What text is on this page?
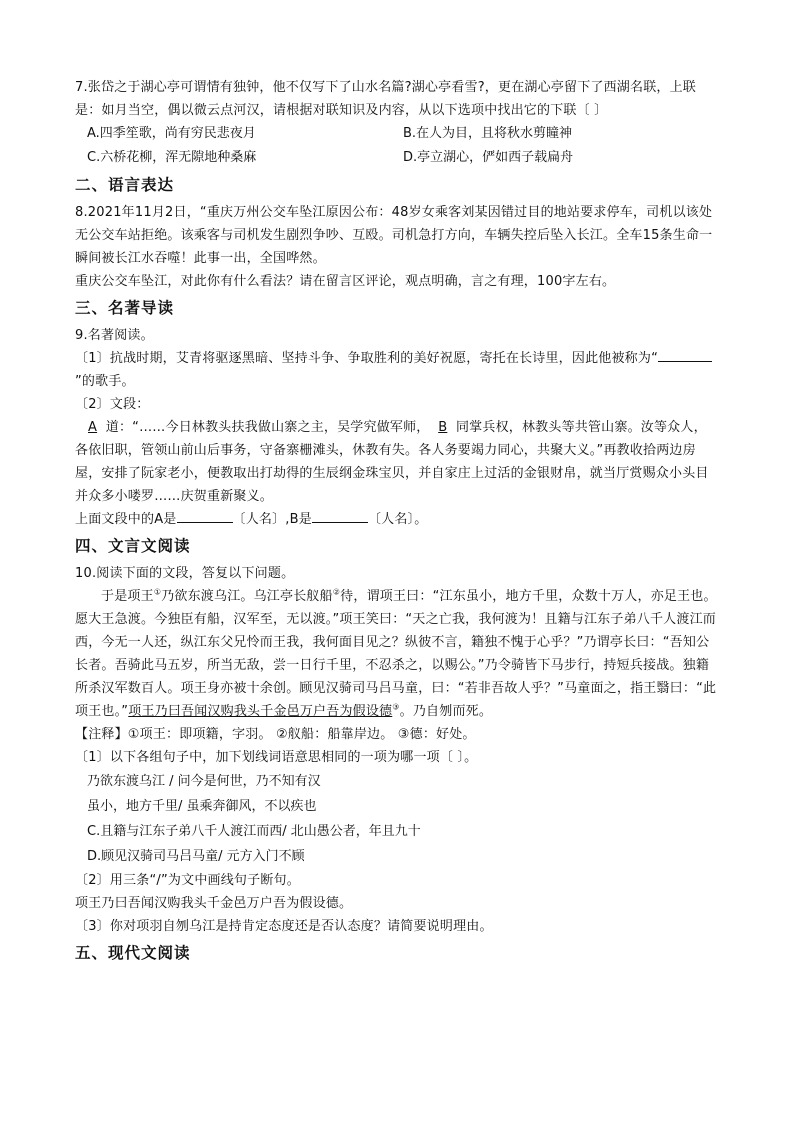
7.张岱之于湖心亭可谓情有独钟，他不仅写下了山水名篇?湖心亭看雪?，更在湖心亭留下了西湖名联，上联是：如月当空，偶以微云点河汉，请根据对联知识及内容，从以下选项中找出它的下联〔 〕

A.四季笙歌，尚有穷民悲夜月	B.在人为目，且将秋水剪瞳神
C.六桥花柳，浑无隙地种桑麻	D.亭立湖心，俨如西子载扁舟
二、语言表达

8.2021年11月2日，“重庆万州公交车坠江原因公布：48岁女乘客刘某因错过目的地站要求停车，司机以该处无公交车站拒绝。该乘客与司机发生剧烈争吵、互殴。司机急打方向，车辆失控后坠入长江。全车15条生命一瞬间被长江水吞噬！此事一出，全国哗然。

重庆公交车坠江，对此你有什么看法？请在留言区评论，观点明确，言之有理，100字左右。

三、名著导读

9.名著阅读。

〔1〕抗战时期，艾青将驱逐黑暗、坚持斗争、争取胜利的美好祝愿，寄托在长诗里，因此他被称为“
”的歌手。

〔2〕文段：

A 道：“……今日林教头扶我做山寨之主，吴学究做军师， B 同掌兵权，林教头等共管山寨。汝等众人，各依旧职，管领山前山后事务，守备寨栅滩头，休教有失。各人务要竭力同心，共聚大义。”再教收拾两边房屋，安排了阮家老小，便教取出打劫得的生辰纲金珠宝贝，并自家庄上过活的金银财帛，就当厅赏赐众小头目并众多小喽罗……庆贺重新聚义。

上面文段中的A是	〔人名〕,B是	〔人名〕。

四、文言文阅读

10.阅读下面的文段，答复以下问题。

于是项王①乃欲东渡乌江。乌江亭长舣船②待，谓项王曰：“江东虽小，地方千里，众数十万人，亦足王也。愿大王急渡。今独臣有船，汉军至，无以渡。”项王笑曰：“天之亡我，我何渡为！且籍与江东子弟八千人渡江而西，今无一人还，纵江东父兄怜而王我，我何面目见之？纵彼不言，籍独不愧于心乎？”乃谓亭长曰：“吾知公长者。吾骑此马五岁，所当无敌，尝一日行千里，不忍杀之，以赐公。”乃令骑皆下马步行，持短兵接战。独籍所杀汉军数百人。项王身亦被十余创。顾见汉骑司马吕马童，曰：“若非吾故人乎？”马童面之，指王翳曰：“此项王也。”项王乃曰吾闻汉购我头千金邑万户吾为假设德③。乃自刎而死。

【注释】①项王：即项籍，字羽。 ②舣船：船靠岸边。 ③德：好处。

〔1〕以下各组句子中，加下划线词语意思相同的一项为哪一项〔 〕。

乃欲东渡乌江 / 问今是何世，乃不知有汉
虽小，地方千里/ 虽乘奔御风，不以疾也
C.且籍与江东子弟八千人渡江而西/ 北山愚公者，年且九十
D.顾见汉骑司马吕马童/ 元方入门不顾

〔2〕用三条“/”为文中画线句子断句。

项王乃曰吾闻汉购我头千金邑万户吾为假设德。

〔3〕你对项羽自刎乌江是持肯定态度还是否认态度？请简要说明理由。

五、现代文阅读
